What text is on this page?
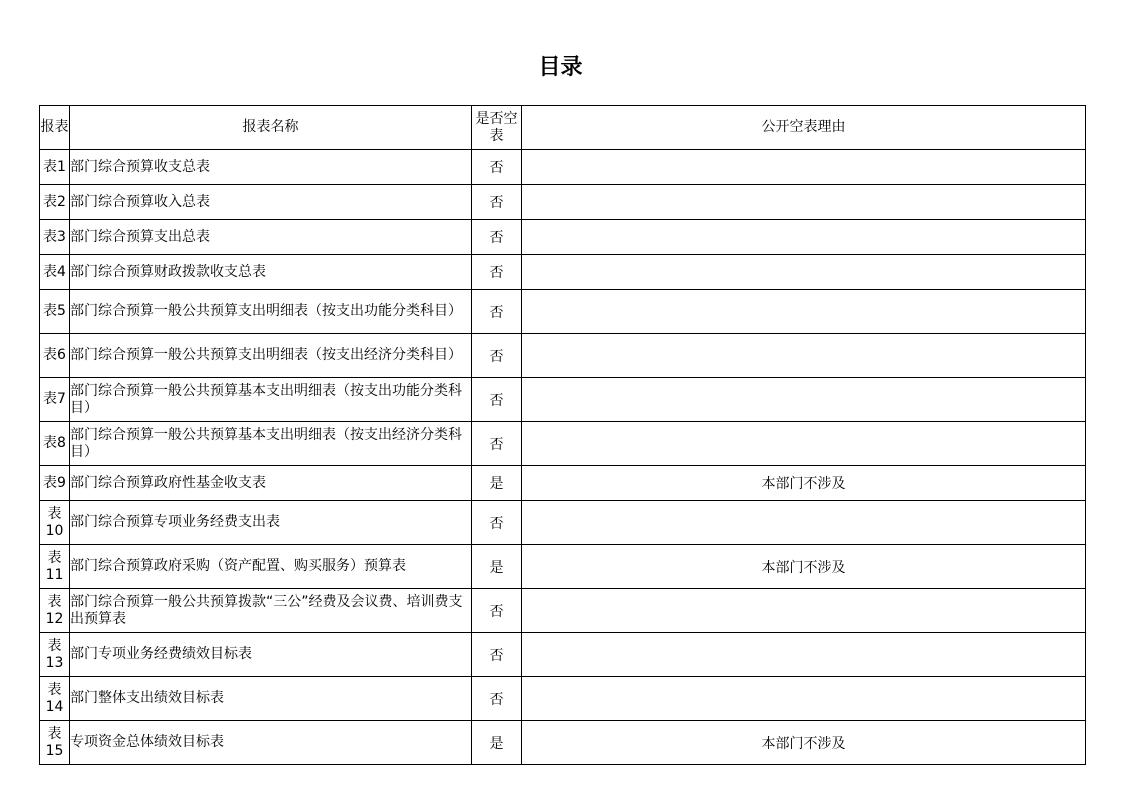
目录
报表	报表名称	是否空表	公开空表理由
表1	部门综合预算收支总表	否	
表2	部门综合预算收入总表	否	
表3	部门综合预算支出总表	否	
表4	部门综合预算财政拨款收支总表	否	
表5	部门综合预算一般公共预算支出明细表（按支出功能分类科目）	否	
表6	部门综合预算一般公共预算支出明细表（按支出经济分类科目）	否	
表7	部门综合预算一般公共预算基本支出明细表（按支出功能分类科目）	否	
表8	部门综合预算一般公共预算基本支出明细表（按支出经济分类科目）	否	
表9	部门综合预算政府性基金收支表	是	本部门不涉及
表10	部门综合预算专项业务经费支出表	否	
表11	部门综合预算政府采购（资产配置、购买服务）预算表	是	本部门不涉及
表12	部门综合预算一般公共预算拨款“三公”经费及会议费、培训费支出预算表	否	
表13	部门专项业务经费绩效目标表	否	
表14	部门整体支出绩效目标表	否	
表15	专项资金总体绩效目标表	是	本部门不涉及
